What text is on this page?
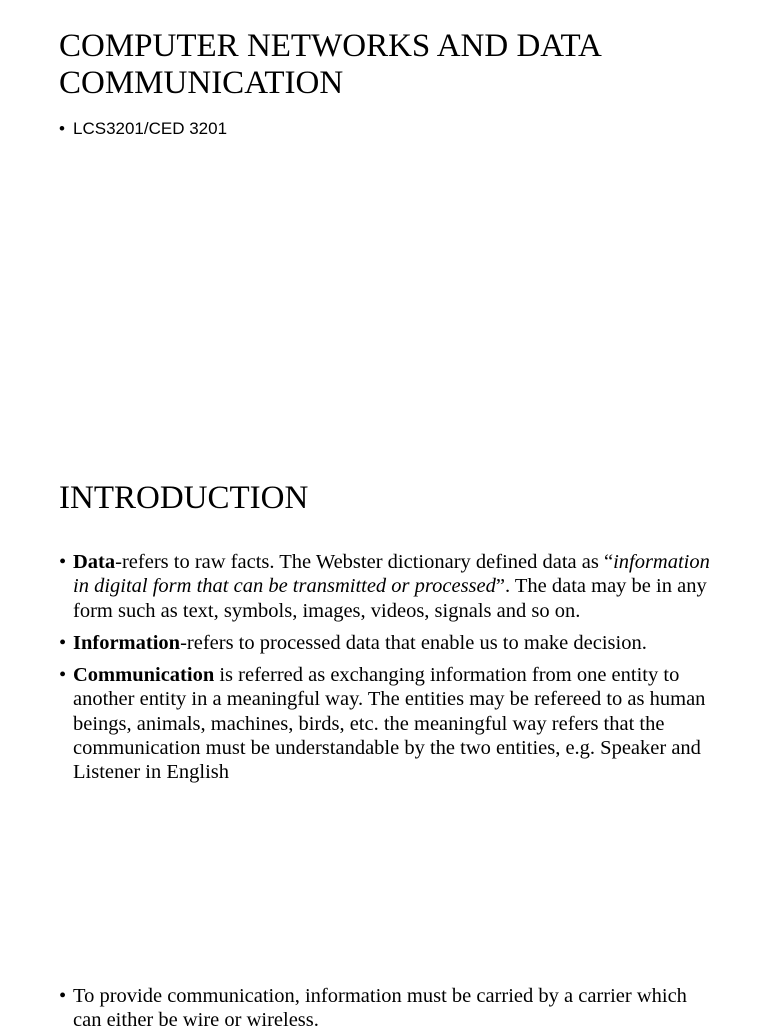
COMPUTER NETWORKS AND DATA COMMUNICATION
• LCS3201/CED 3201
INTRODUCTION
• Data-refers to raw facts. The Webster dictionary defined data as “information in digital form that can be transmitted or processed”. The data may be in any form such as text, symbols, images, videos, signals and so on.
• Information-refers to processed data that enable us to make decision.
• Communication is referred as exchanging information from one entity to another entity in a meaningful way. The entities may be refereed to as human beings, animals, machines, birds, etc. the meaningful way refers that the communication must be understandable by the two entities, e.g. Speaker and Listener in English
• To provide communication, information must be carried by a carrier which can either be wire or wireless.
